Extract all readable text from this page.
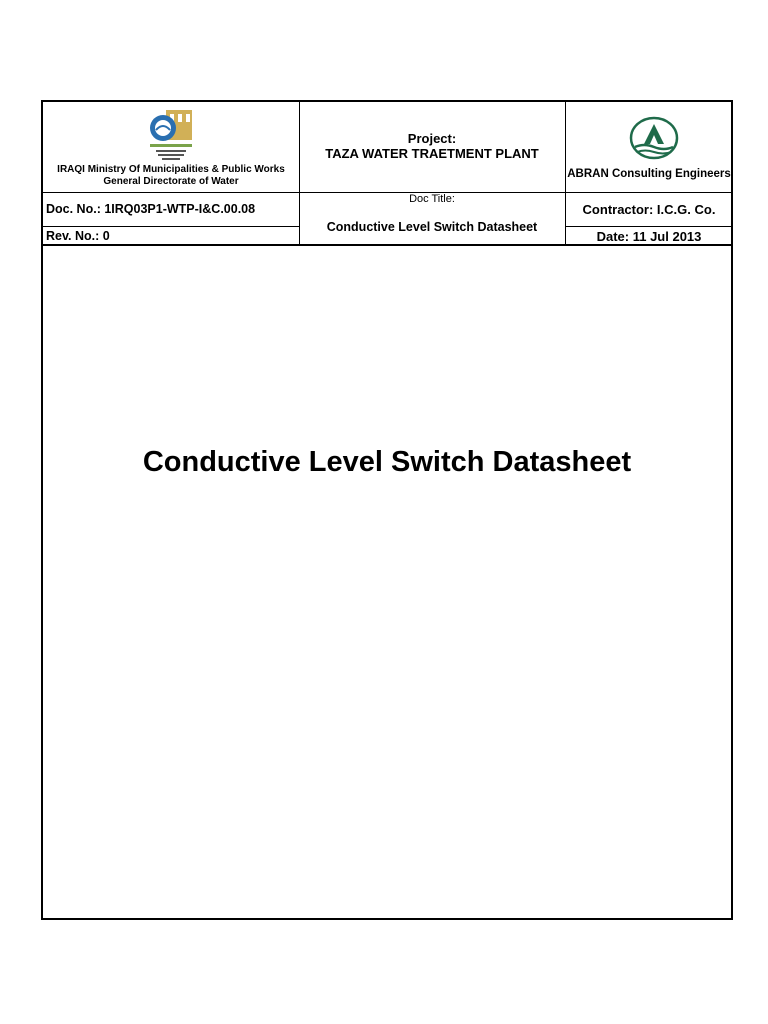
IRAQI Ministry Of Municipalities & Public Works
General Directorate of Water
Project:
TAZA WATER TRAETMENT PLANT
ABRAN Consulting Engineers
Doc. No.: 1IRQ03P1-WTP-I&C.00.08
Rev. No.: 0
Doc Title:
Conductive Level Switch Datasheet
Contractor: I.C.G. Co.
Date: 11 Jul 2013
Conductive Level Switch Datasheet
